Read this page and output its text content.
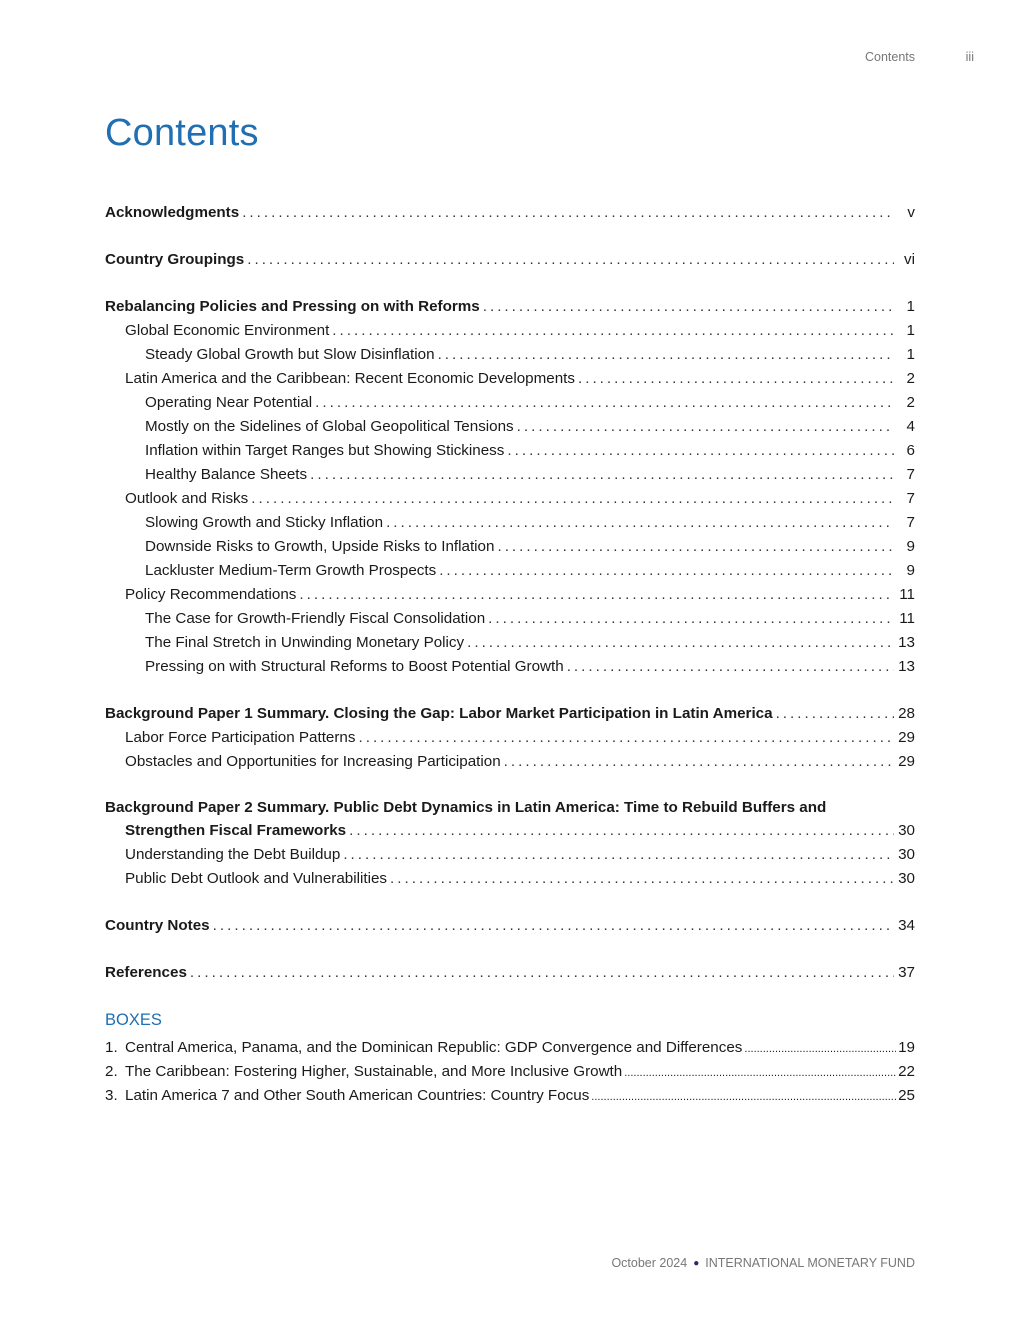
Contents	iii
Contents
Acknowledgments . . .	v
Country Groupings . . .	vi
Rebalancing Policies and Pressing on with Reforms . . .	1
Global Economic Environment . . .	1
Steady Global Growth but Slow Disinflation . . .	1
Latin America and the Caribbean: Recent Economic Developments . . .	2
Operating Near Potential . . .	2
Mostly on the Sidelines of Global Geopolitical Tensions . . .	4
Inflation within Target Ranges but Showing Stickiness . . .	6
Healthy Balance Sheets . . .	7
Outlook and Risks . . .	7
Slowing Growth and Sticky Inflation . . .	7
Downside Risks to Growth, Upside Risks to Inflation . . .	9
Lackluster Medium-Term Growth Prospects . . .	9
Policy Recommendations . . .	11
The Case for Growth-Friendly Fiscal Consolidation . . .	11
The Final Stretch in Unwinding Monetary Policy . . .	13
Pressing on with Structural Reforms to Boost Potential Growth . . .	13
Background Paper 1 Summary. Closing the Gap: Labor Market Participation in Latin America . . .	28
Labor Force Participation Patterns . . .	29
Obstacles and Opportunities for Increasing Participation . . .	29
Background Paper 2 Summary. Public Debt Dynamics in Latin America: Time to Rebuild Buffers and
Strengthen Fiscal Frameworks . . .	30
Understanding the Debt Buildup . . .	30
Public Debt Outlook and Vulnerabilities . . .	30
Country Notes . . .	34
References . . .	37
BOXES
1. Central America, Panama, and the Dominican Republic: GDP Convergence and Differences .....	19
2. The Caribbean: Fostering Higher, Sustainable, and More Inclusive Growth .....	22
3. Latin America 7 and Other South American Countries: Country Focus .....	25
October 2024 ● INTERNATIONAL MONETARY FUND
